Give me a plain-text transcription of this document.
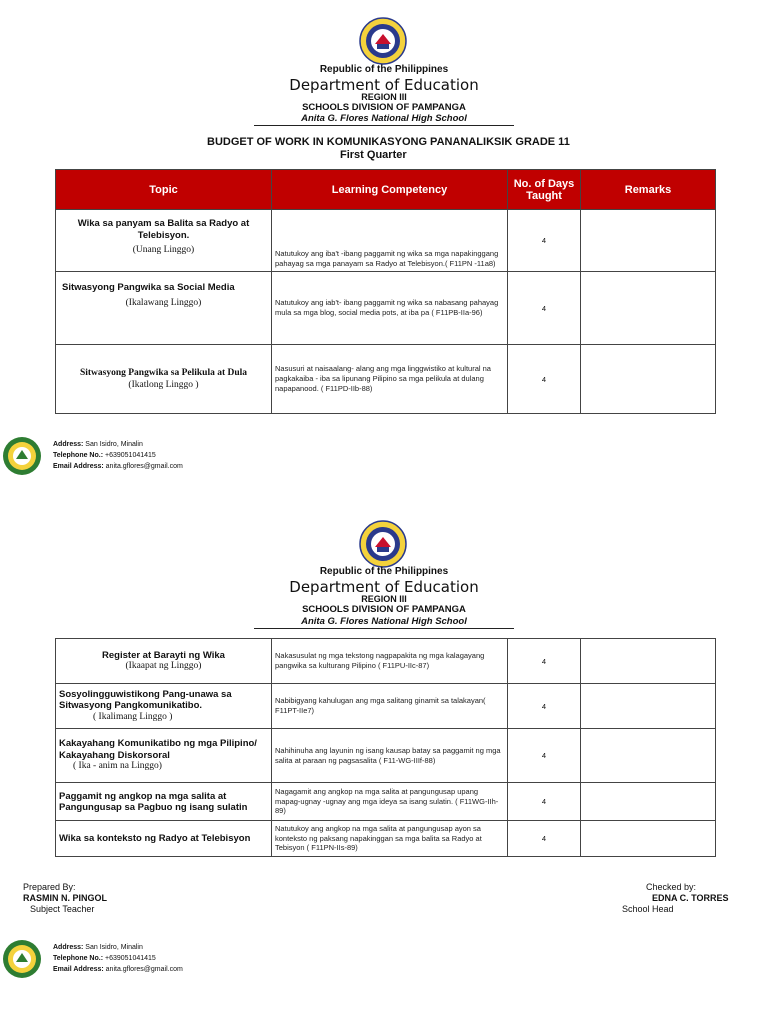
Republic of the Philippines
Department of Education
REGION III
SCHOOLS DIVISION OF PAMPANGA
Anita G. Flores National High School
BUDGET OF WORK IN KOMUNIKASYONG PANANALIKSIK GRADE 11
First Quarter
Topic	Learning Competency	No. of Days Taught	Remarks
Wika sa panyam sa Balita sa Radyo at Telebisyon.
(Unang Linggo)	Natutukoy ang iba't -ibang paggamit ng wika sa mga napakinggang pahayag sa mga panayam sa Radyo at Telebisyon.( F11PN -11a8)	4	

Sitwasyong Pangwika sa Social Media
(Ikalawang Linggo)	Natutukoy ang iab't- ibang paggamit ng wika sa nabasang pahayag mula sa mga blog, social media pots, at iba pa ( F11PB-IIa-96)	4	
Sitwasyong Pangwika sa Pelikula at Dula
(Ikatlong Linggo )	Nasusuri at naisaalang- alang ang mga linggwistiko at kultural na pagkakaiba - iba sa lipunang Pilipino sa mga pelikula at dulang napapanood. ( F11PD-IIb-88)	4	
Address: San Isidro, Minalin
Telephone No.: +639051041415
Email Address: anita.gflores@gmail.com
Republic of the Philippines
Department of Education
REGION III
SCHOOLS DIVISION OF PAMPANGA
Anita G. Flores National High School
Register at Barayti ng Wika
(Ikaapat ng Linggo)	Nakasusulat ng mga tekstong nagpapakita ng mga kalagayang pangwika sa kulturang Pilipino ( F11PU-IIc-87)	4	
Sosyolingguwistikong Pang-unawa sa Sitwasyong Pangkomunikatibo.
( Ikalimang Linggo )	Nabibigyang kahulugan ang mga salitang ginamit sa talakayan( F11PT-IIe7)	4	
Kakayahang Komunikatibo ng mga Pilipino/ Kakayahang Diskorsoral
( Ika - anim na Linggo)	Nahihinuha ang layunin ng isang kausap batay sa paggamit ng mga salita at paraan ng pagsasalita ( F11-WG-IIIf-88)	4	
Paggamit ng angkop na mga salita at Pangungusap sa Pagbuo ng isang sulatin	Nagagamit ang angkop na mga salita at pangungusap upang mapag-ugnay -ugnay ang mga ideya sa isang sulatin. ( F11WG-IIh-89)	4	
Wika sa konteksto ng Radyo at Telebisyon	Natutukoy ang angkop na mga salita at pangungusap ayon sa konteksto ng paksang napakinggan sa mga balita sa Radyo at Tebisyon ( F11PN-IIs-89)	4	
Prepared By:
RASMIN N. PINGOL
Subject Teacher
Checked by:
EDNA C. TORRES
School Head
Address: San Isidro, Minalin
Telephone No.: +639051041415
Email Address: anita.gflores@gmail.com
